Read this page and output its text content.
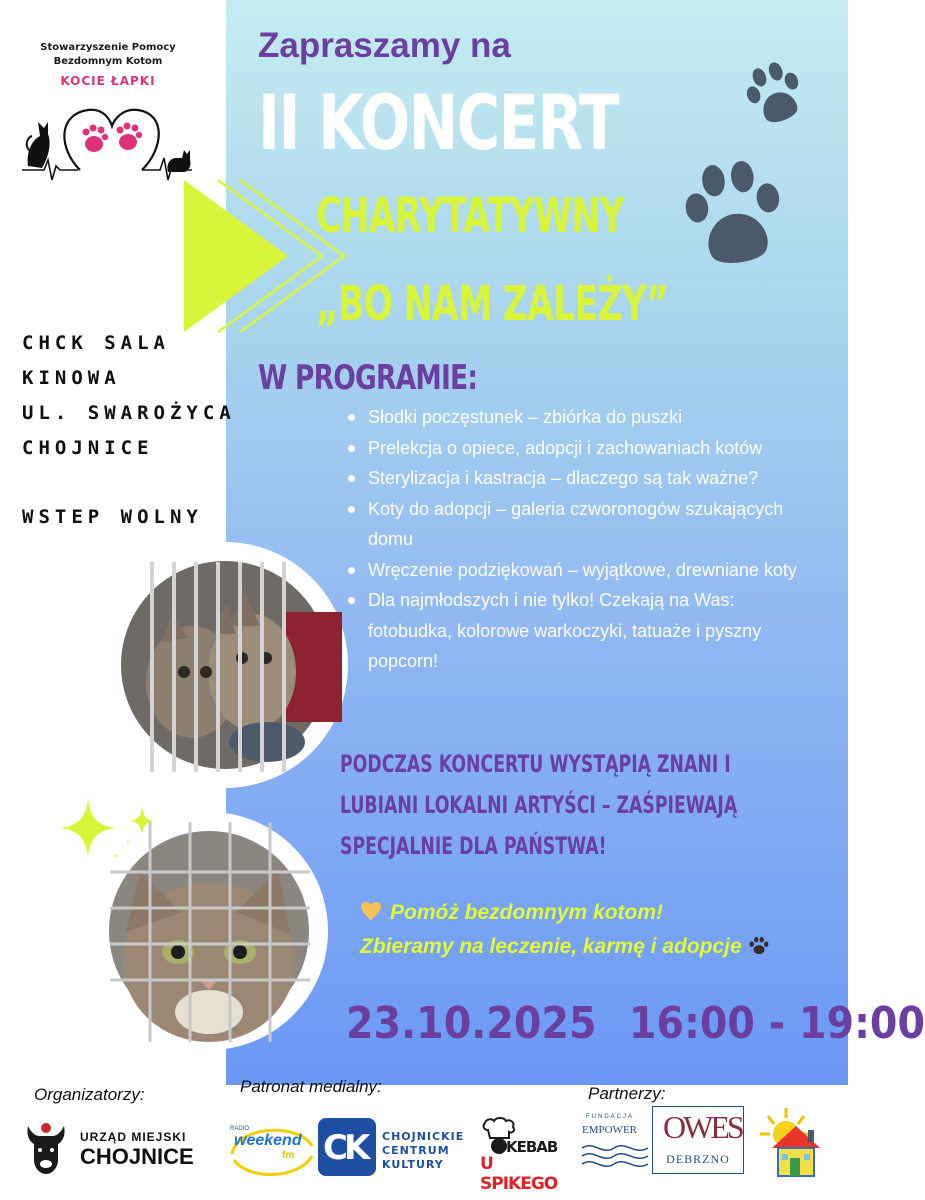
Stowarzyszenie Pomocy
Bezdomnym Kotom
KOCIE ŁAPKI
Zapraszamy na
II KONCERT
CHARYTATYWNY
„BO NAM ZALEŻY”
CHCK SALA
KINOWA
UL. SWAROŻYCA
CHOJNICE
WSTEP WOLNY
W PROGRAMIE:
Słodki poczęstunek – zbiórka do puszki
Prelekcja o opiece, adopcji i zachowaniach kotów
Sterylizacja i kastracja – dlaczego są tak ważne?
Koty do adopcji – galeria czworonogów szukających domu
Wręczenie podziękowań – wyjątkowe, drewniane koty
Dla najmłodszych i nie tylko! Czekają na Was: fotobudka, kolorowe warkoczyki, tatuaże i pyszny popcorn!
PODCZAS KONCERTU WYSTĄPIĄ ZNANI I
LUBIANI LOKALNI ARTYŚCI – ZAŚPIEWAJĄ
SPECJALNIE DLA PAŃSTWA!
Pomóż bezdomnym kotom!
Zbieramy na leczenie, karmę i adopcje
23.10.2025 16:00 - 19:00
Organizatorzy:	Patronat medialny:	Partnerzy:
URZĄD MIEJSKI
CHOJNICE
RADIO
weekend
fm CK CHOJNICKIE
CENTRUM
KULTURY
KEBAB
U SPIKEGO
FUNDACJA
EMPOWER OWES
DEBRZNO
